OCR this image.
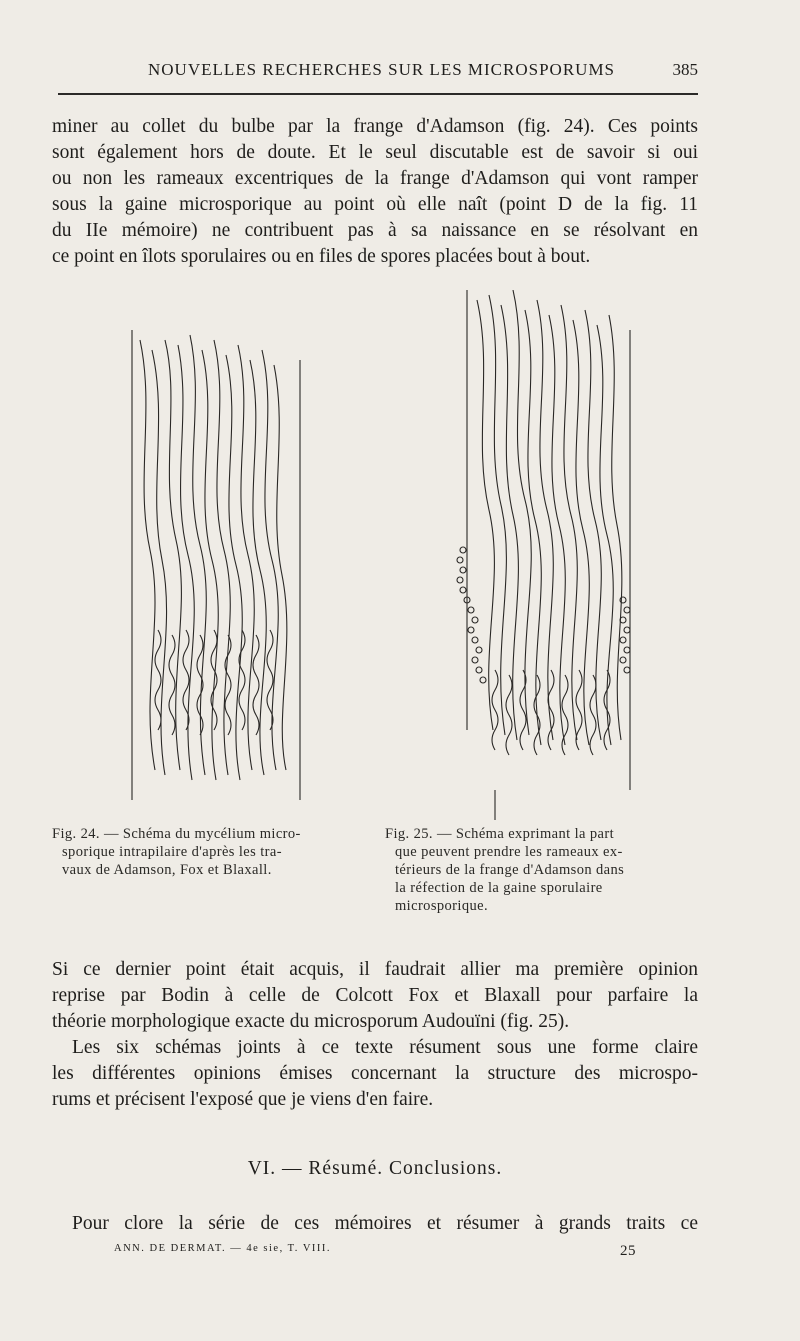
NOUVELLES RECHERCHES SUR LES MICROSPORUMS	385

miner au collet du bulbe par la frange d'Adamson (fig. 24). Ces points
sont également hors de doute. Et le seul discutable est de savoir si oui
ou non les rameaux excentriques de la frange d'Adamson qui vont ramper
sous la gaine microsporique au point où elle naît (point D de la fig. 11
du IIe mémoire) ne contribuent pas à sa naissance en se résolvant en
ce point en îlots sporulaires ou en files de spores placées bout à bout.

Fig. 24. — Schéma du mycélium micro-
sporique intrapilaire d'après les tra-
vaux de Adamson, Fox et Blaxall.
Fig. 25. — Schéma exprimant la part
que peuvent prendre les rameaux ex-
térieurs de la frange d'Adamson dans
la réfection de la gaine sporulaire
microsporique.

Si ce dernier point était acquis, il faudrait allier ma première opinion
reprise par Bodin à celle de Colcott Fox et Blaxall pour parfaire la
théorie morphologique exacte du microsporum Audouïni (fig. 25).

Les six schémas joints à ce texte résument sous une forme claire
les différentes opinions émises concernant la structure des microspo-
rums et précisent l'exposé que je viens d'en faire.

VI. — Résumé. Conclusions.

Pour clore la série de ces mémoires et résumer à grands traits ce

ANN. DE DERMAT. — 4e sie, T. VIII.	25
